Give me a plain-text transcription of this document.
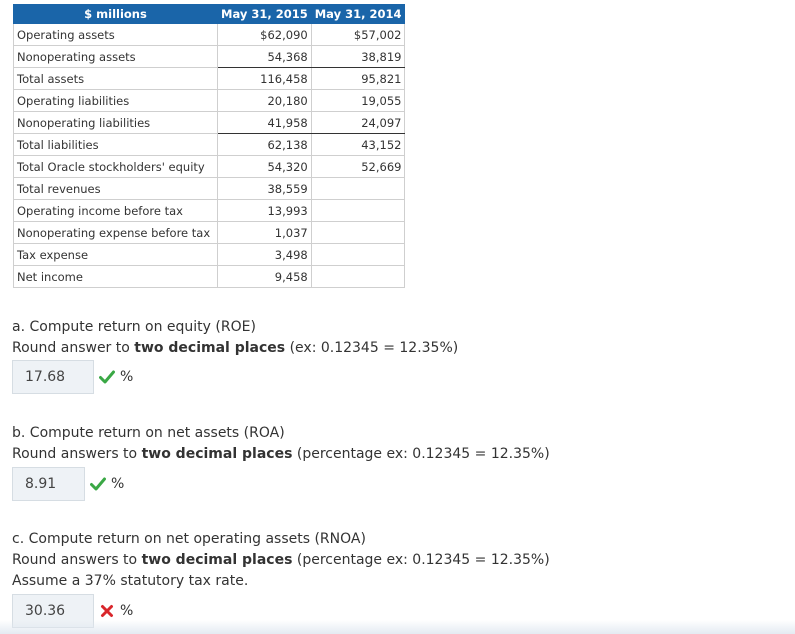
$ millions	May 31, 2015	May 31, 2014
Operating assets	$62,090	$57,002
Nonoperating assets	54,368	38,819
Total assets	116,458	95,821
Operating liabilities	20,180	19,055
Nonoperating liabilities	41,958	24,097
Total liabilities	62,138	43,152
Total Oracle stockholders' equity	54,320	52,669
Total revenues	38,559	
Operating income before tax	13,993	
Nonoperating expense before tax	1,037	
Tax expense	3,498	
Net income	9,458	
a. Compute return on equity (ROE)
Round answer to two decimal places (ex: 0.12345 = 12.35%)
17.68	%
b. Compute return on net assets (ROA)
Round answers to two decimal places (percentage ex: 0.12345 = 12.35%)
8.91	%
c. Compute return on net operating assets (RNOA)
Round answers to two decimal places (percentage ex: 0.12345 = 12.35%)
Assume a 37% statutory tax rate.
30.36	%
